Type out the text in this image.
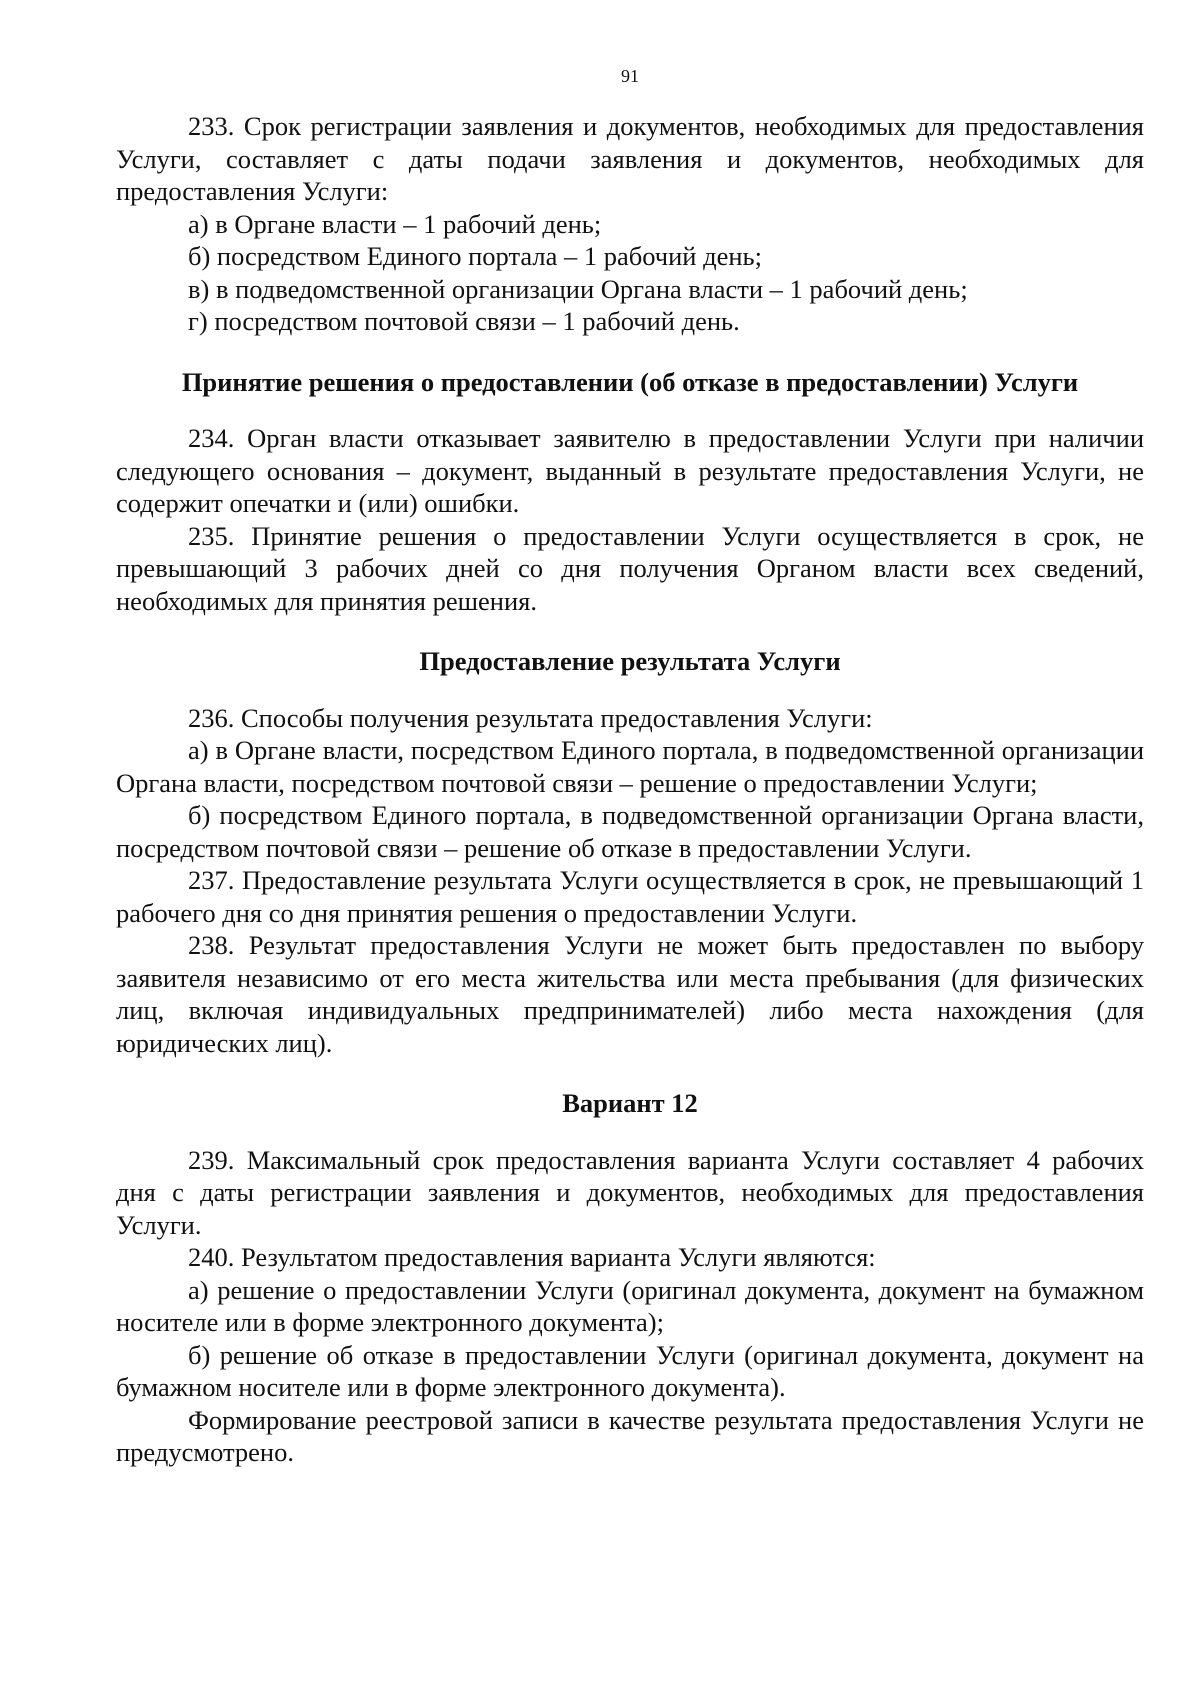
91

233. Срок регистрации заявления и документов, необходимых для предоставления Услуги, составляет с даты подачи заявления и документов, необходимых для предоставления Услуги:

а) в Органе власти – 1 рабочий день;

б) посредством Единого портала – 1 рабочий день;

в) в подведомственной организации Органа власти – 1 рабочий день;

г) посредством почтовой связи – 1 рабочий день.

Принятие решения о предоставлении (об отказе в предоставлении) Услуги

234. Орган власти отказывает заявителю в предоставлении Услуги при наличии следующего основания – документ, выданный в результате предоставления Услуги, не содержит опечатки и (или) ошибки.

235. Принятие решения о предоставлении Услуги осуществляется в срок, не превышающий 3 рабочих дней со дня получения Органом власти всех сведений, необходимых для принятия решения.

Предоставление результата Услуги

236. Способы получения результата предоставления Услуги:

а) в Органе власти, посредством Единого портала, в подведомственной организации Органа власти, посредством почтовой связи – решение о предоставлении Услуги;

б) посредством Единого портала, в подведомственной организации Органа власти, посредством почтовой связи – решение об отказе в предоставлении Услуги.

237. Предоставление результата Услуги осуществляется в срок, не превышающий 1 рабочего дня со дня принятия решения о предоставлении Услуги.

238. Результат предоставления Услуги не может быть предоставлен по выбору заявителя независимо от его места жительства или места пребывания (для физических лиц, включая индивидуальных предпринимателей) либо места нахождения (для юридических лиц).

Вариант 12

239. Максимальный срок предоставления варианта Услуги составляет 4 рабочих дня с даты регистрации заявления и документов, необходимых для предоставления Услуги.

240. Результатом предоставления варианта Услуги являются:

а) решение о предоставлении Услуги (оригинал документа, документ на бумажном носителе или в форме электронного документа);

б) решение об отказе в предоставлении Услуги (оригинал документа, документ на бумажном носителе или в форме электронного документа).

Формирование реестровой записи в качестве результата предоставления Услуги не предусмотрено.
